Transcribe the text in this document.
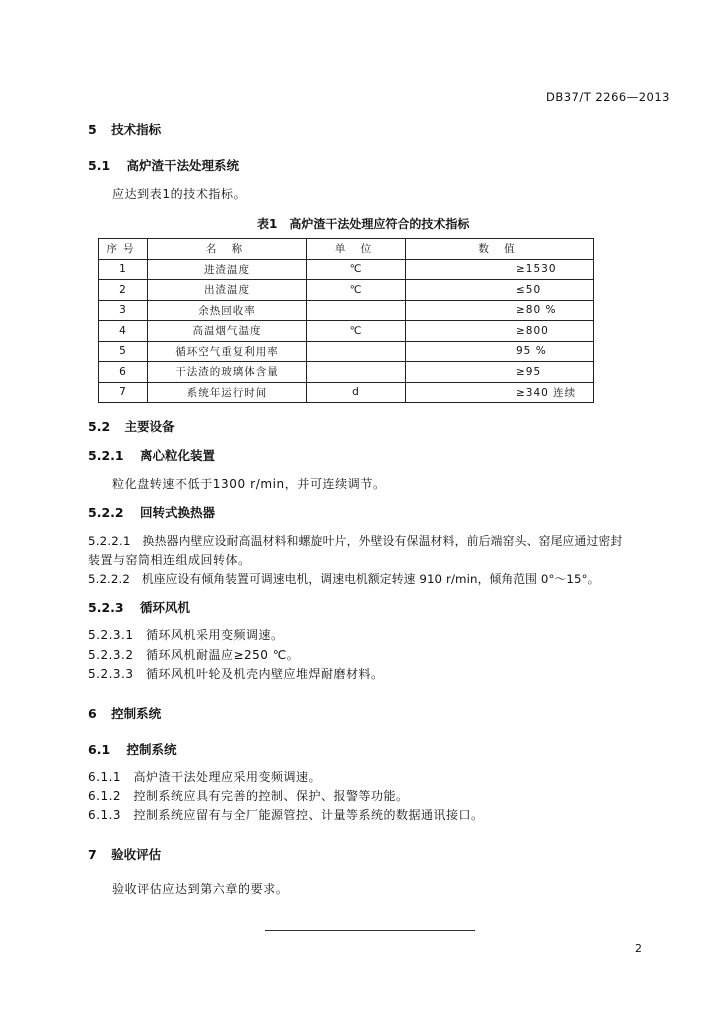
DB37/T 2266—2013
5 技术指标
5.1 高炉渣干法处理系统
应达到表1的技术指标。
表1　高炉渣干法处理应符合的技术指标
序号	名 称	单 位	数 值
1	进渣温度	℃	≥1530
2	出渣温度	℃	≤50
3	余热回收率		≥80 %
4	高温烟气温度	℃	≥800
5	循环空气重复利用率		95 %
6	干法渣的玻璃体含量		≥95
7	系统年运行时间	d	≥340 连续
5.2 主要设备
5.2.1 离心粒化装置
粒化盘转速不低于1300 r/min，并可连续调节。
5.2.2 回转式换热器
5.2.2.1　换热器内壁应设耐高温材料和螺旋叶片，外壁设有保温材料，前后端窑头、窑尾应通过密封
装置与窑筒相连组成回转体。
5.2.2.2　机座应设有倾角装置可调速电机，调速电机额定转速 910 r/min，倾角范围 0°～15°。
5.2.3 循环风机
5.2.3.1　循环风机采用变频调速。
5.2.3.2　循环风机耐温应≥250 ℃。
5.2.3.3　循环风机叶轮及机壳内壁应堆焊耐磨材料。
6 控制系统
6.1 控制系统
6.1.1　高炉渣干法处理应采用变频调速。
6.1.2　控制系统应具有完善的控制、保护、报警等功能。
6.1.3　控制系统应留有与全厂能源管控、计量等系统的数据通讯接口。
7 验收评估
验收评估应达到第六章的要求。
2
